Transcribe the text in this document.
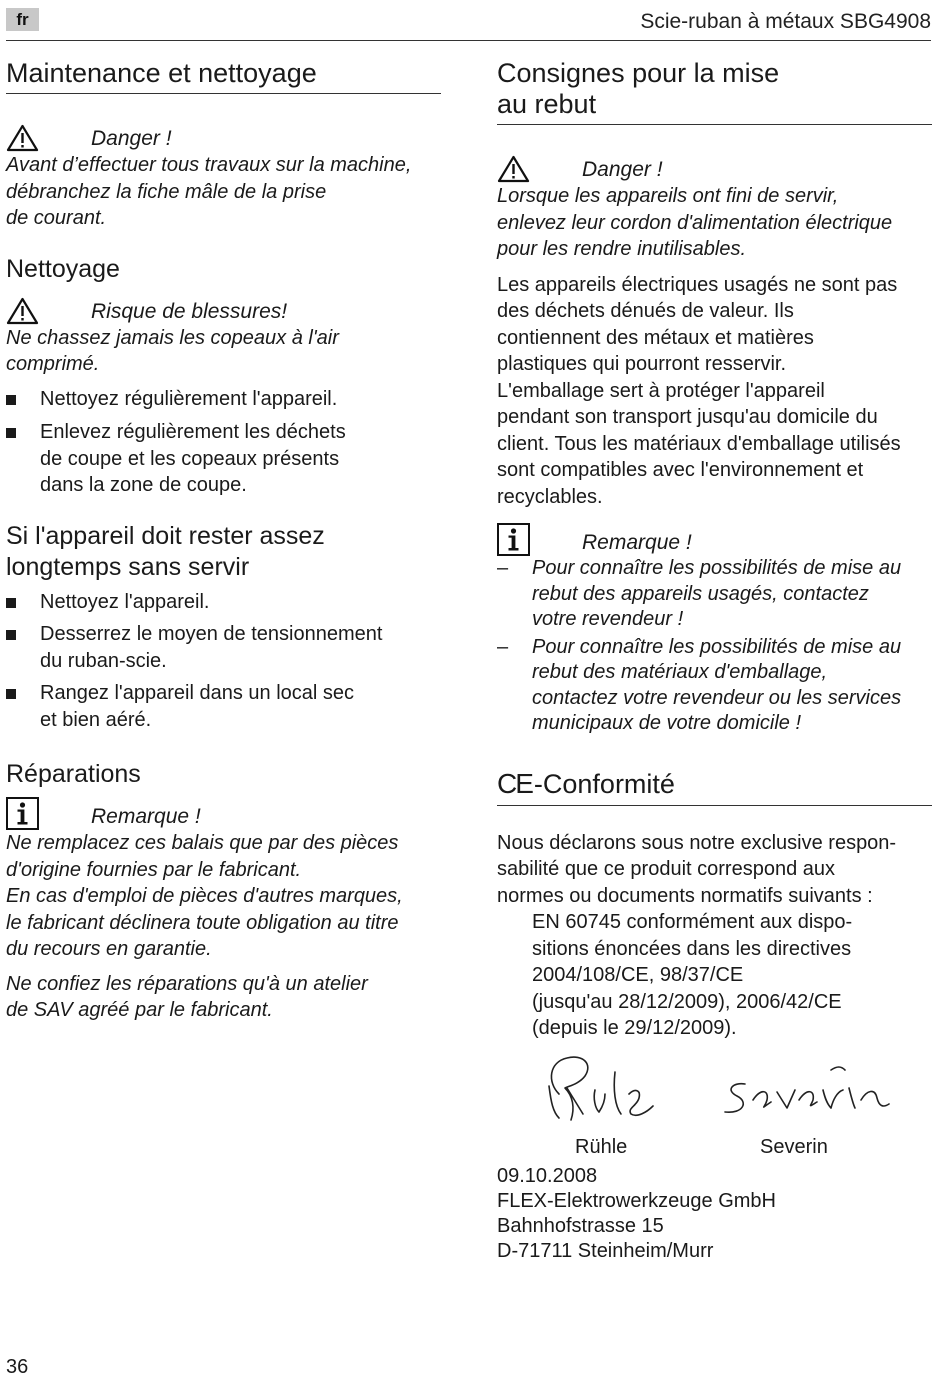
fr	Scie-ruban à métaux SBG4908
Maintenance et nettoyage
Danger !
Avant d’effectuer tous travaux sur la machine,
débranchez la fiche mâle de la prise
de courant.
Nettoyage
Risque de blessures!
Ne chassez jamais les copeaux à l'air
comprimé.
Nettoyez régulièrement l'appareil.
Enlevez régulièrement les déchets
de coupe et les copeaux présents
dans la zone de coupe.
Si l'appareil doit rester assez
longtemps sans servir
Nettoyez l'appareil.
Desserrez le moyen de tensionnement
du ruban-scie.
Rangez l'appareil dans un local sec
et bien aéré.
Réparations
Remarque !
Ne remplacez ces balais que par des pièces
d'origine fournies par le fabricant.
En cas d'emploi de pièces d'autres marques,
le fabricant déclinera toute obligation au titre
du recours en garantie.
Ne confiez les réparations qu'à un atelier
de SAV agréé par le fabricant.
Consignes pour la mise
au rebut
Danger !
Lorsque les appareils ont fini de servir,
enlevez leur cordon d'alimentation électrique
pour les rendre inutilisables.
Les appareils électriques usagés ne sont pas
des déchets dénués de valeur. Ils
contiennent des métaux et matières
plastiques qui pourront resservir.
L'emballage sert à protéger l'appareil
pendant son transport jusqu'au domicile du
client. Tous les matériaux d'emballage utilisés
sont compatibles avec l'environnement et
recyclables.
Remarque !
–	Pour connaître les possibilités de mise au
rebut des appareils usagés, contactez
votre revendeur !
–	Pour connaître les possibilités de mise au
rebut des matériaux d'emballage,
contactez votre revendeur ou les services
municipaux de votre domicile !
CE -Conformité
Nous déclarons sous notre exclusive respon-
sabilité que ce produit correspond aux
normes ou documents normatifs suivants :
EN 60745 conformément aux dispo-
sitions énoncées dans les directives
2004/108/CE, 98/37/CE
(jusqu'au 28/12/2009), 2006/42/CE
(depuis le 29/12/2009).
Rühle	Severin
09.10.2008
FLEX-Elektrowerkzeuge GmbH
Bahnhofstrasse 15
D-71711 Steinheim/Murr
36
